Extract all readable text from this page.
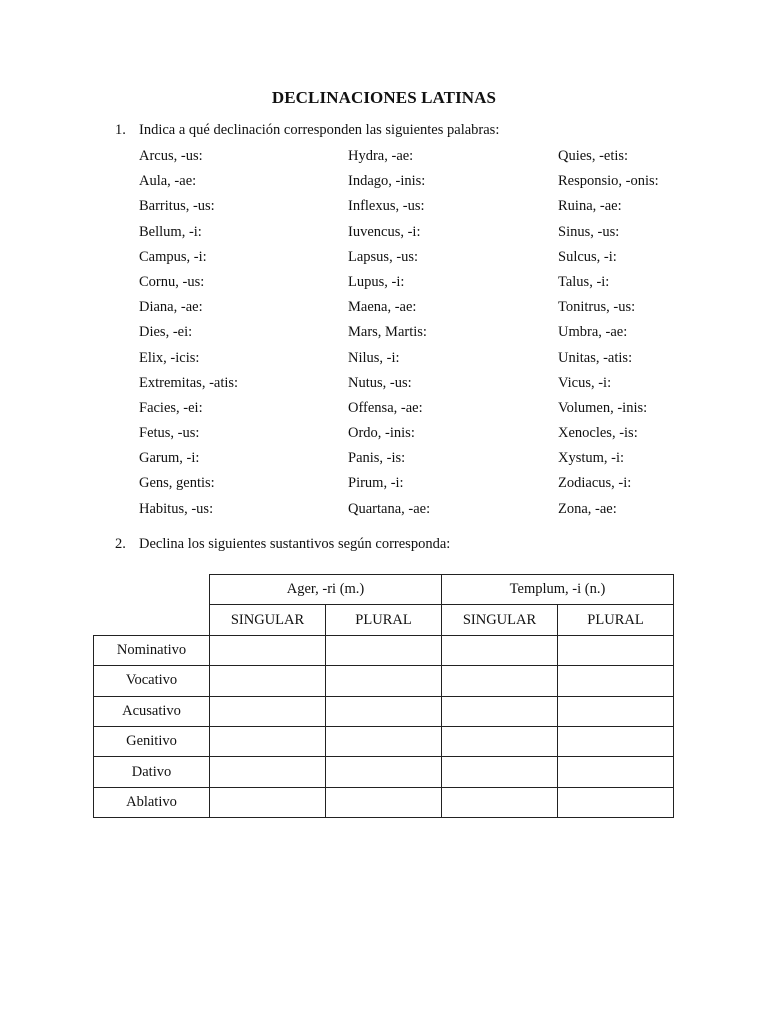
DECLINACIONES LATINAS
1. Indica a qué declinación corresponden las siguientes palabras:
Arcus, -us:
Aula, -ae:
Barritus, -us:
Bellum, -i:
Campus, -i:
Cornu, -us:
Diana, -ae:
Dies, -ei:
Elix, -icis:
Extremitas, -atis:
Facies, -ei:
Fetus, -us:
Garum, -i:
Gens, gentis:
Habitus, -us:
Hydra, -ae:
Indago, -inis:
Inflexus, -us:
Iuvencus, -i:
Lapsus, -us:
Lupus, -i:
Maena, -ae:
Mars, Martis:
Nilus, -i:
Nutus, -us:
Offensa, -ae:
Ordo, -inis:
Panis, -is:
Pirum, -i:
Quartana, -ae:
Quies, -etis:
Responsio, -onis:
Ruina, -ae:
Sinus, -us:
Sulcus, -i:
Talus, -i:
Tonitrus, -us:
Umbra, -ae:
Unitas, -atis:
Vicus, -i:
Volumen, -inis:
Xenocles, -is:
Xystum, -i:
Zodiacus, -i:
Zona, -ae:
2. Declina los siguientes sustantivos según corresponda:
	Ager, -ri (m.)		Templum, -i (n.)	
	SINGULAR	PLURAL	SINGULAR	PLURAL
Nominativo				
Vocativo				
Acusativo				
Genitivo				
Dativo				
Ablativo				
